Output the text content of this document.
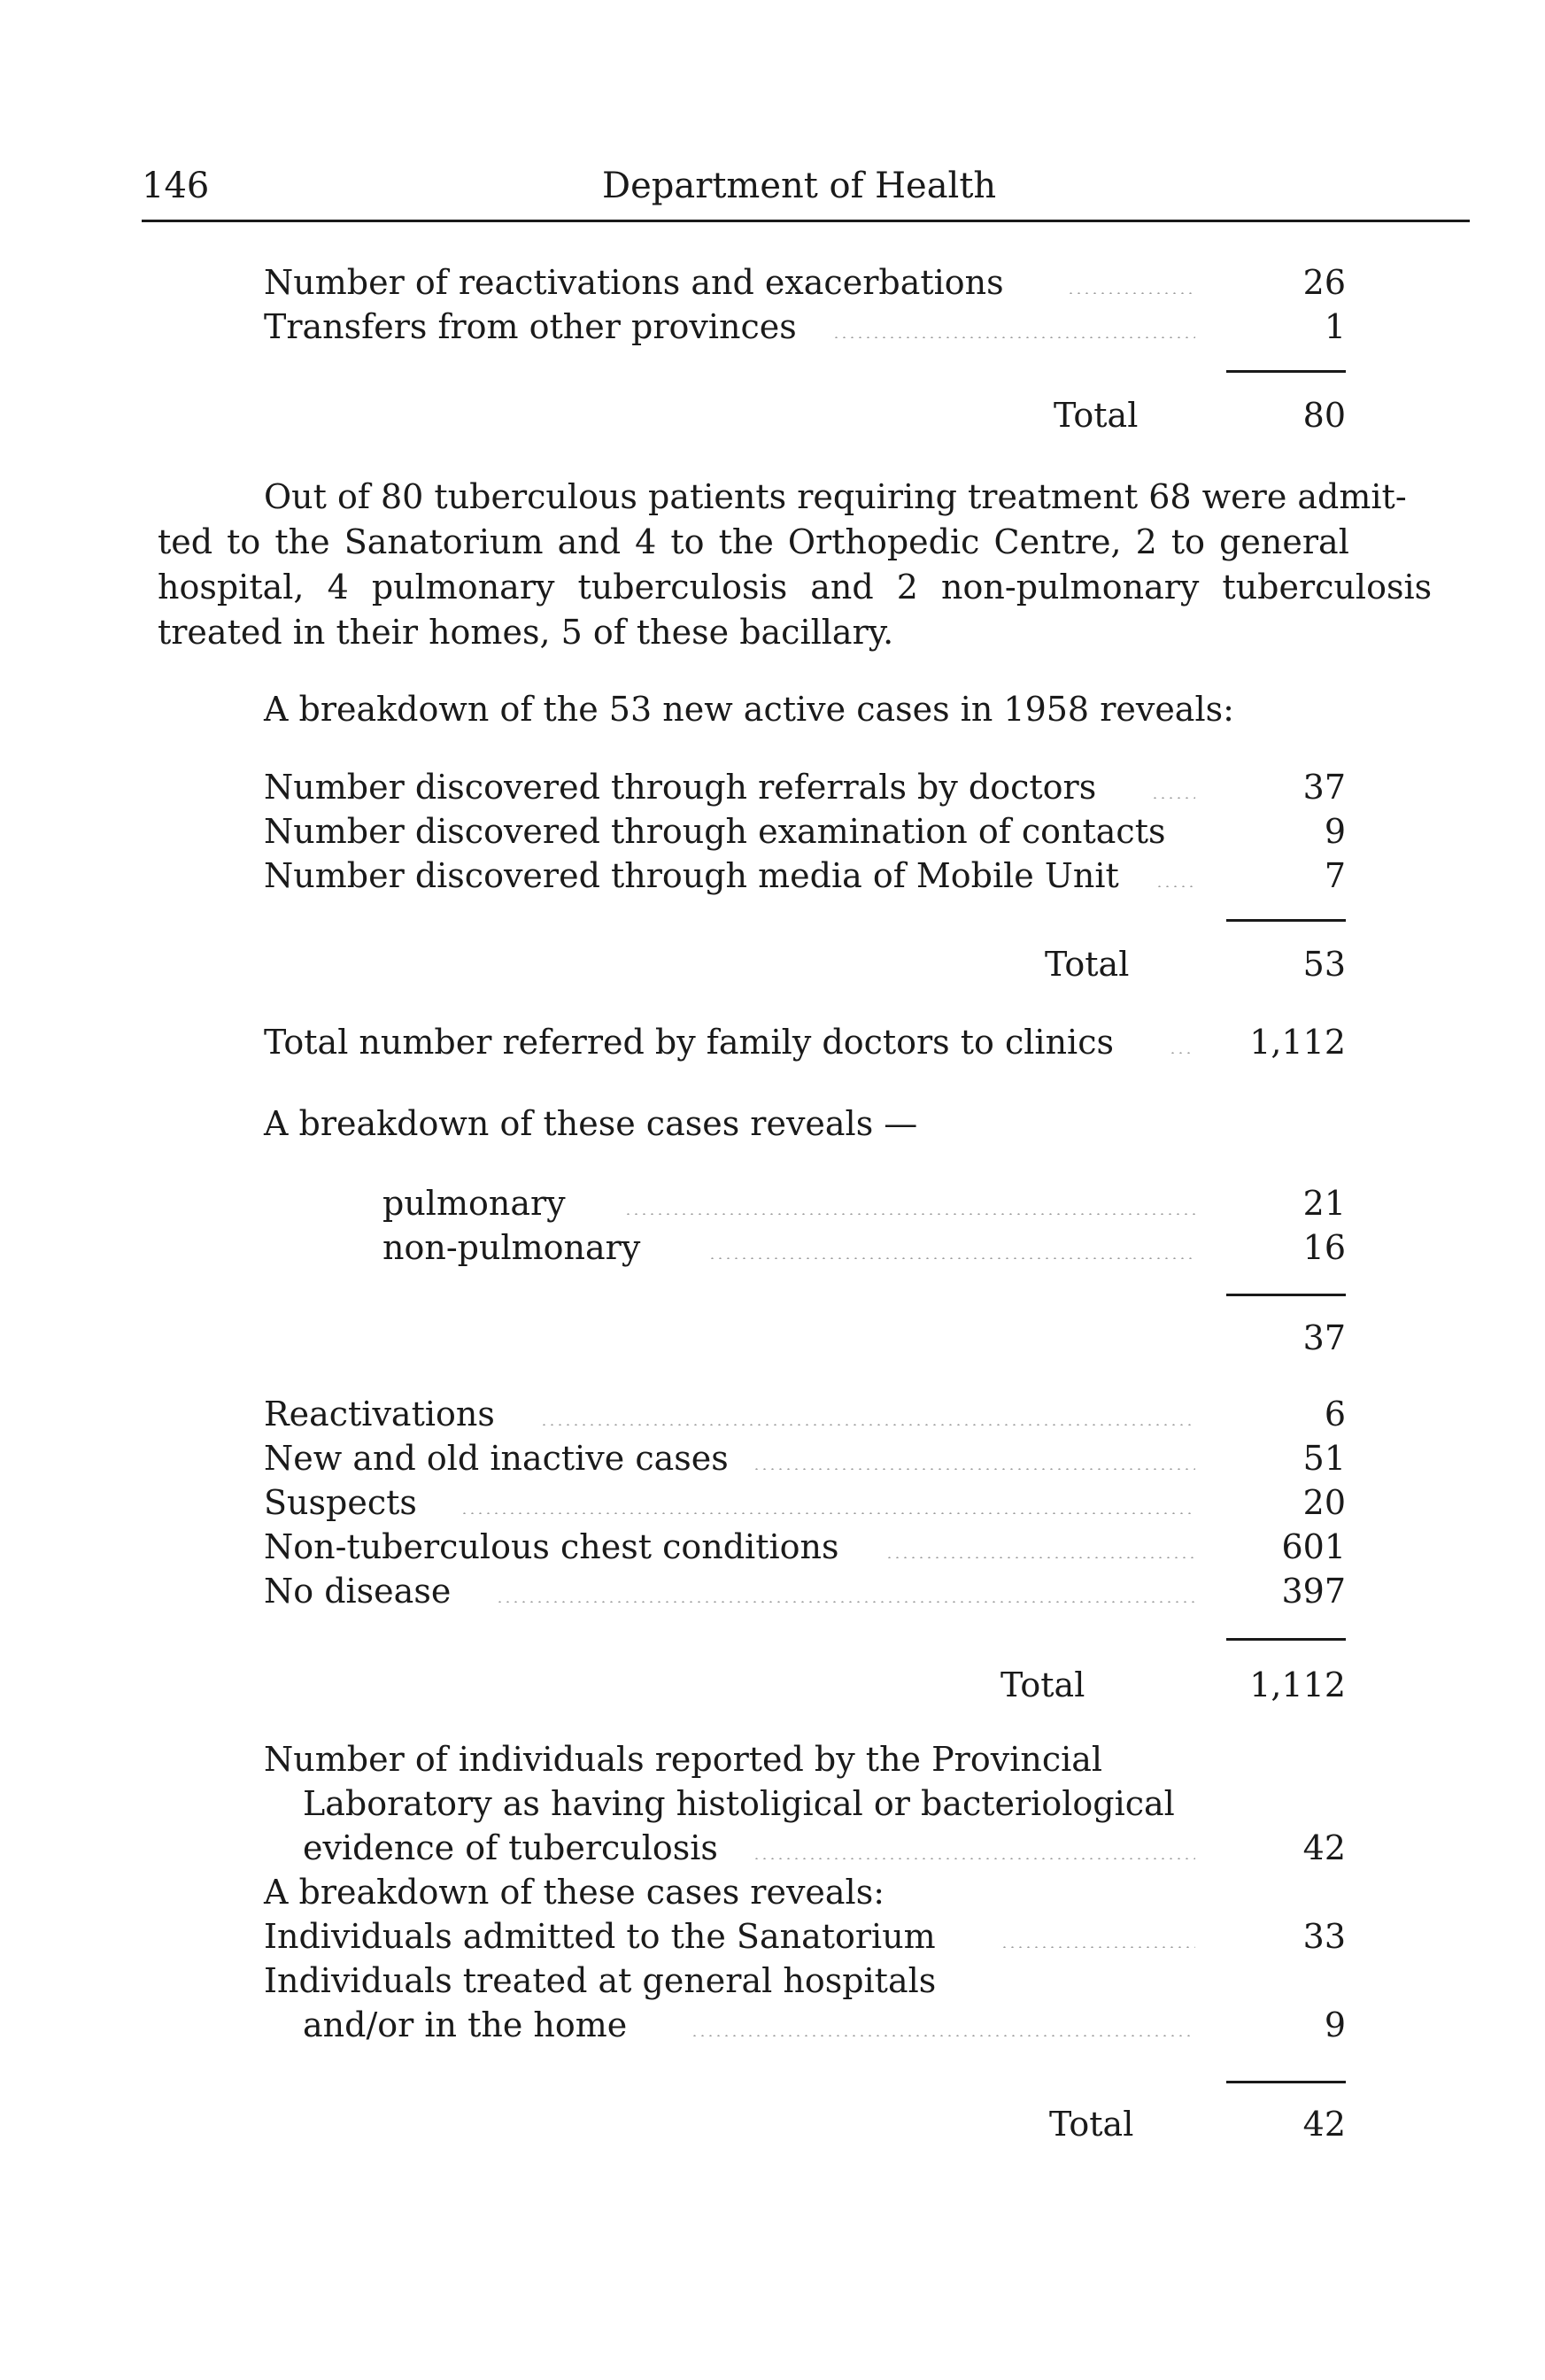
146	Department of Health
Number of reactivations and exacerbations	26
Transfers from other provinces	1
Total	80
Out of 80 tuberculous patients requiring treatment 68 were admit-
ted to the Sanatorium and 4 to the Orthopedic Centre, 2 to general
hospital, 4 pulmonary tuberculosis and 2 non-pulmonary tuberculosis
treated in their homes, 5 of these bacillary.
A breakdown of the 53 new active cases in 1958 reveals:
Number discovered through referrals by doctors	37
Number discovered through examination of contacts	9
Number discovered through media of Mobile Unit	7
Total	53
Total number referred by family doctors to clinics	1,112
A breakdown of these cases reveals —
pulmonary	21
non-pulmonary	16
37
Reactivations	6
New and old inactive cases	51
Suspects	20
Non-tuberculous chest conditions	601
No disease	397
Total	1,112
Number of individuals reported by the Provincial
Laboratory as having histoligical or bacteriological
evidence of tuberculosis	42
A breakdown of these cases reveals:
Individuals admitted to the Sanatorium	33
Individuals treated at general hospitals
and/or in the home	9
Total	42
